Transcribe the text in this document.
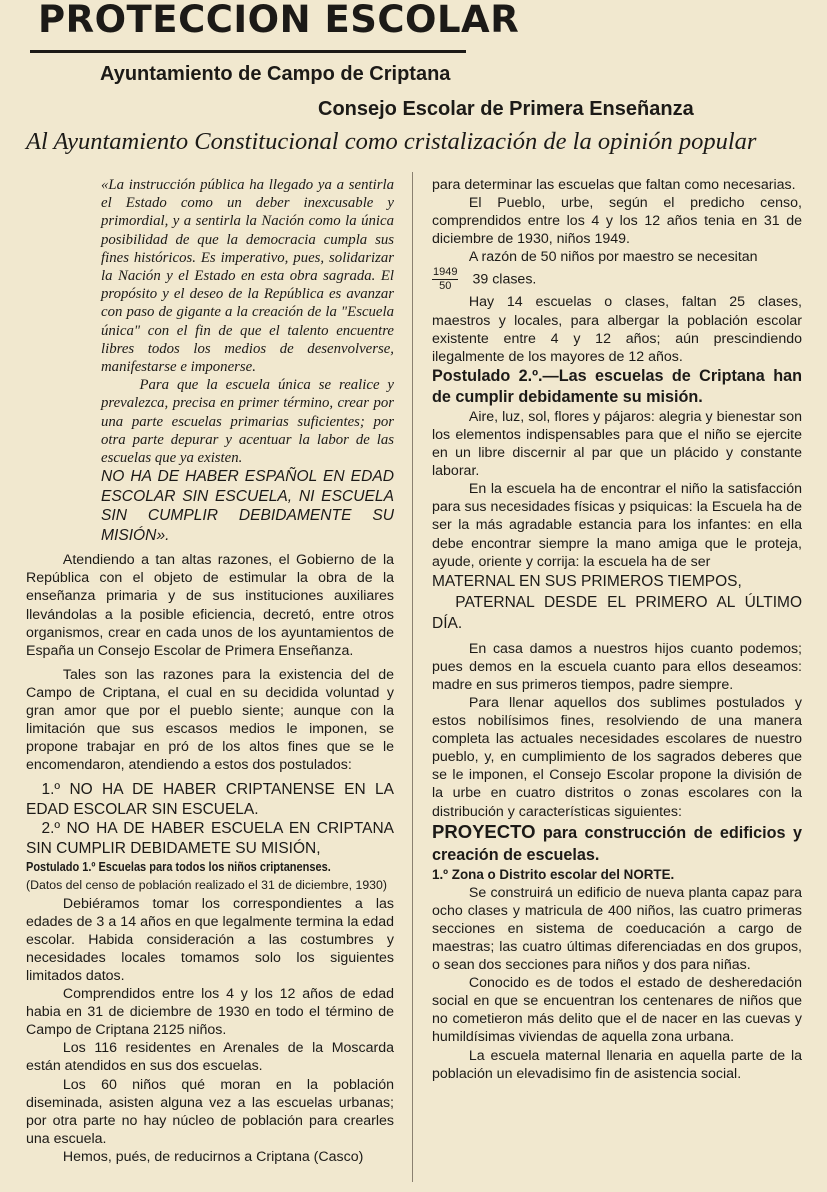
PROTECCION ESCOLAR
Ayuntamiento de Campo de Criptana
Consejo Escolar de Primera Enseñanza
Al Ayuntamiento Constitucional como cristalización de la opinión popular

«La instrucción pública ha llegado ya a sentirla el Estado como un deber inexcusable y primordial, y a sentirla la Nación como la única posibilidad de que la democracia cumpla sus fines históricos. Es imperativo, pues, solidarizar la Nación y el Estado en esta obra sagrada. El propósito y el deseo de la República es avanzar con paso de gigante a la creación de la "Escuela única" con el fin de que el talento encuentre libres todos los medios de desenvolverse, manifestarse e imponerse.

Para que la escuela única se realice y prevalezca, precisa en primer término, crear por una parte escuelas primarias suficientes; por otra parte depurar y acentuar la labor de las escuelas que ya existen.

NO HA DE HABER ESPAÑOL EN EDAD ESCOLAR SIN ESCUELA, NI ESCUELA SIN CUMPLIR DEBIDAMENTE SU MISIÓN».

Atendiendo a tan altas razones, el Gobierno de la República con el objeto de estimular la obra de la enseñanza primaria y de sus instituciones auxiliares llevándolas a la posible eficiencia, decretó, entre otros organismos, crear en cada unos de los ayuntamientos de España un Consejo Escolar de Primera Enseñanza.

Tales son las razones para la existencia del de Campo de Criptana, el cual en su decidida voluntad y gran amor que por el pueblo siente; aunque con la limitación que sus escasos medios le imponen, se propone trabajar en pró de los altos fines que se le encomendaron, atendiendo a estos dos postulados:

1.º NO HA DE HABER CRIPTANENSE EN LA EDAD ESCOLAR SIN ESCUELA.

2.º NO HA DE HABER ESCUELA EN CRIPTANA SIN CUMPLIR DEBIDAMETE SU MISIÓN,

Postulado 1.º Escuelas para todos los niños criptanenses.

(Datos del censo de población realizado el 31 de diciembre, 1930)

Debiéramos tomar los correspondientes a las edades de 3 a 14 años en que legalmente termina la edad escolar. Habida consideración a las costumbres y necesidades locales tomamos solo los siguientes limitados datos.

Comprendidos entre los 4 y los 12 años de edad habia en 31 de diciembre de 1930 en todo el término de Campo de Criptana 2125 niños.

Los 116 residentes en Arenales de la Moscarda están atendidos en sus dos escuelas.

Los 60 niños qué moran en la población diseminada, asisten alguna vez a las escuelas urbanas; por otra parte no hay núcleo de población para crearles una escuela.

Hemos, pués, de reducirnos a Criptana (Casco)

para determinar las escuelas que faltan como necesarias.

El Pueblo, urbe, según el predicho censo, comprendidos entre los 4 y los 12 años tenia en 31 de diciembre de 1930, niños 1949.

A razón de 50 niños por maestro se necesitan

$\frac{1949}{50} 39$ clases.

Hay 14 escuelas o clases, faltan 25 clases, maestros y locales, para albergar la población escolar existente entre 4 y 12 años; aún prescindiendo ilegalmente de los mayores de 12 años.

Postulado 2.º.—Las escuelas de Criptana han de cumplir debidamente su misión.

Aire, luz, sol, flores y pájaros: alegria y bienestar son los elementos indispensables para que el niño se ejercite en un libre discernir al par que un plácido y constante laborar.

En la escuela ha de encontrar el niño la satisfacción para sus necesidades físicas y psiquicas: la Escuela ha de ser la más agradable estancia para los infantes: en ella debe encontrar siempre la mano amiga que le proteja, ayude, oriente y corrija: la escuela ha de ser

MATERNAL EN SUS PRIMEROS TIEMPOS,

PATERNAL DESDE EL PRIMERO AL ÚLTIMO DÍA.

En casa damos a nuestros hijos cuanto podemos; pues demos en la escuela cuanto para ellos deseamos: madre en sus primeros tiempos, padre siempre.

Para llenar aquellos dos sublimes postulados y estos nobilísimos fines, resolviendo de una manera completa las actuales necesidades escolares de nuestro pueblo, y, en cumplimiento de los sagrados deberes que se le imponen, el Consejo Escolar propone la división de la urbe en cuatro distritos o zonas escolares con la distribución y características siguientes:

PROYECTO para construcción de edificios y creación de escuelas.

1.º Zona o Distrito escolar del NORTE.

Se construirá un edificio de nueva planta capaz para ocho clases y matricula de 400 niños, las cuatro primeras secciones en sistema de coeducación a cargo de maestras; las cuatro últimas diferenciadas en dos grupos, o sean dos secciones para niños y dos para niñas.

Conocido es de todos el estado de desheredación social en que se encuentran los centenares de niños que no cometieron más delito que el de nacer en las cuevas y humildísimas viviendas de aquella zona urbana.

La escuela maternal llenaria en aquella parte de la población un elevadisimo fin de asistencia social.
